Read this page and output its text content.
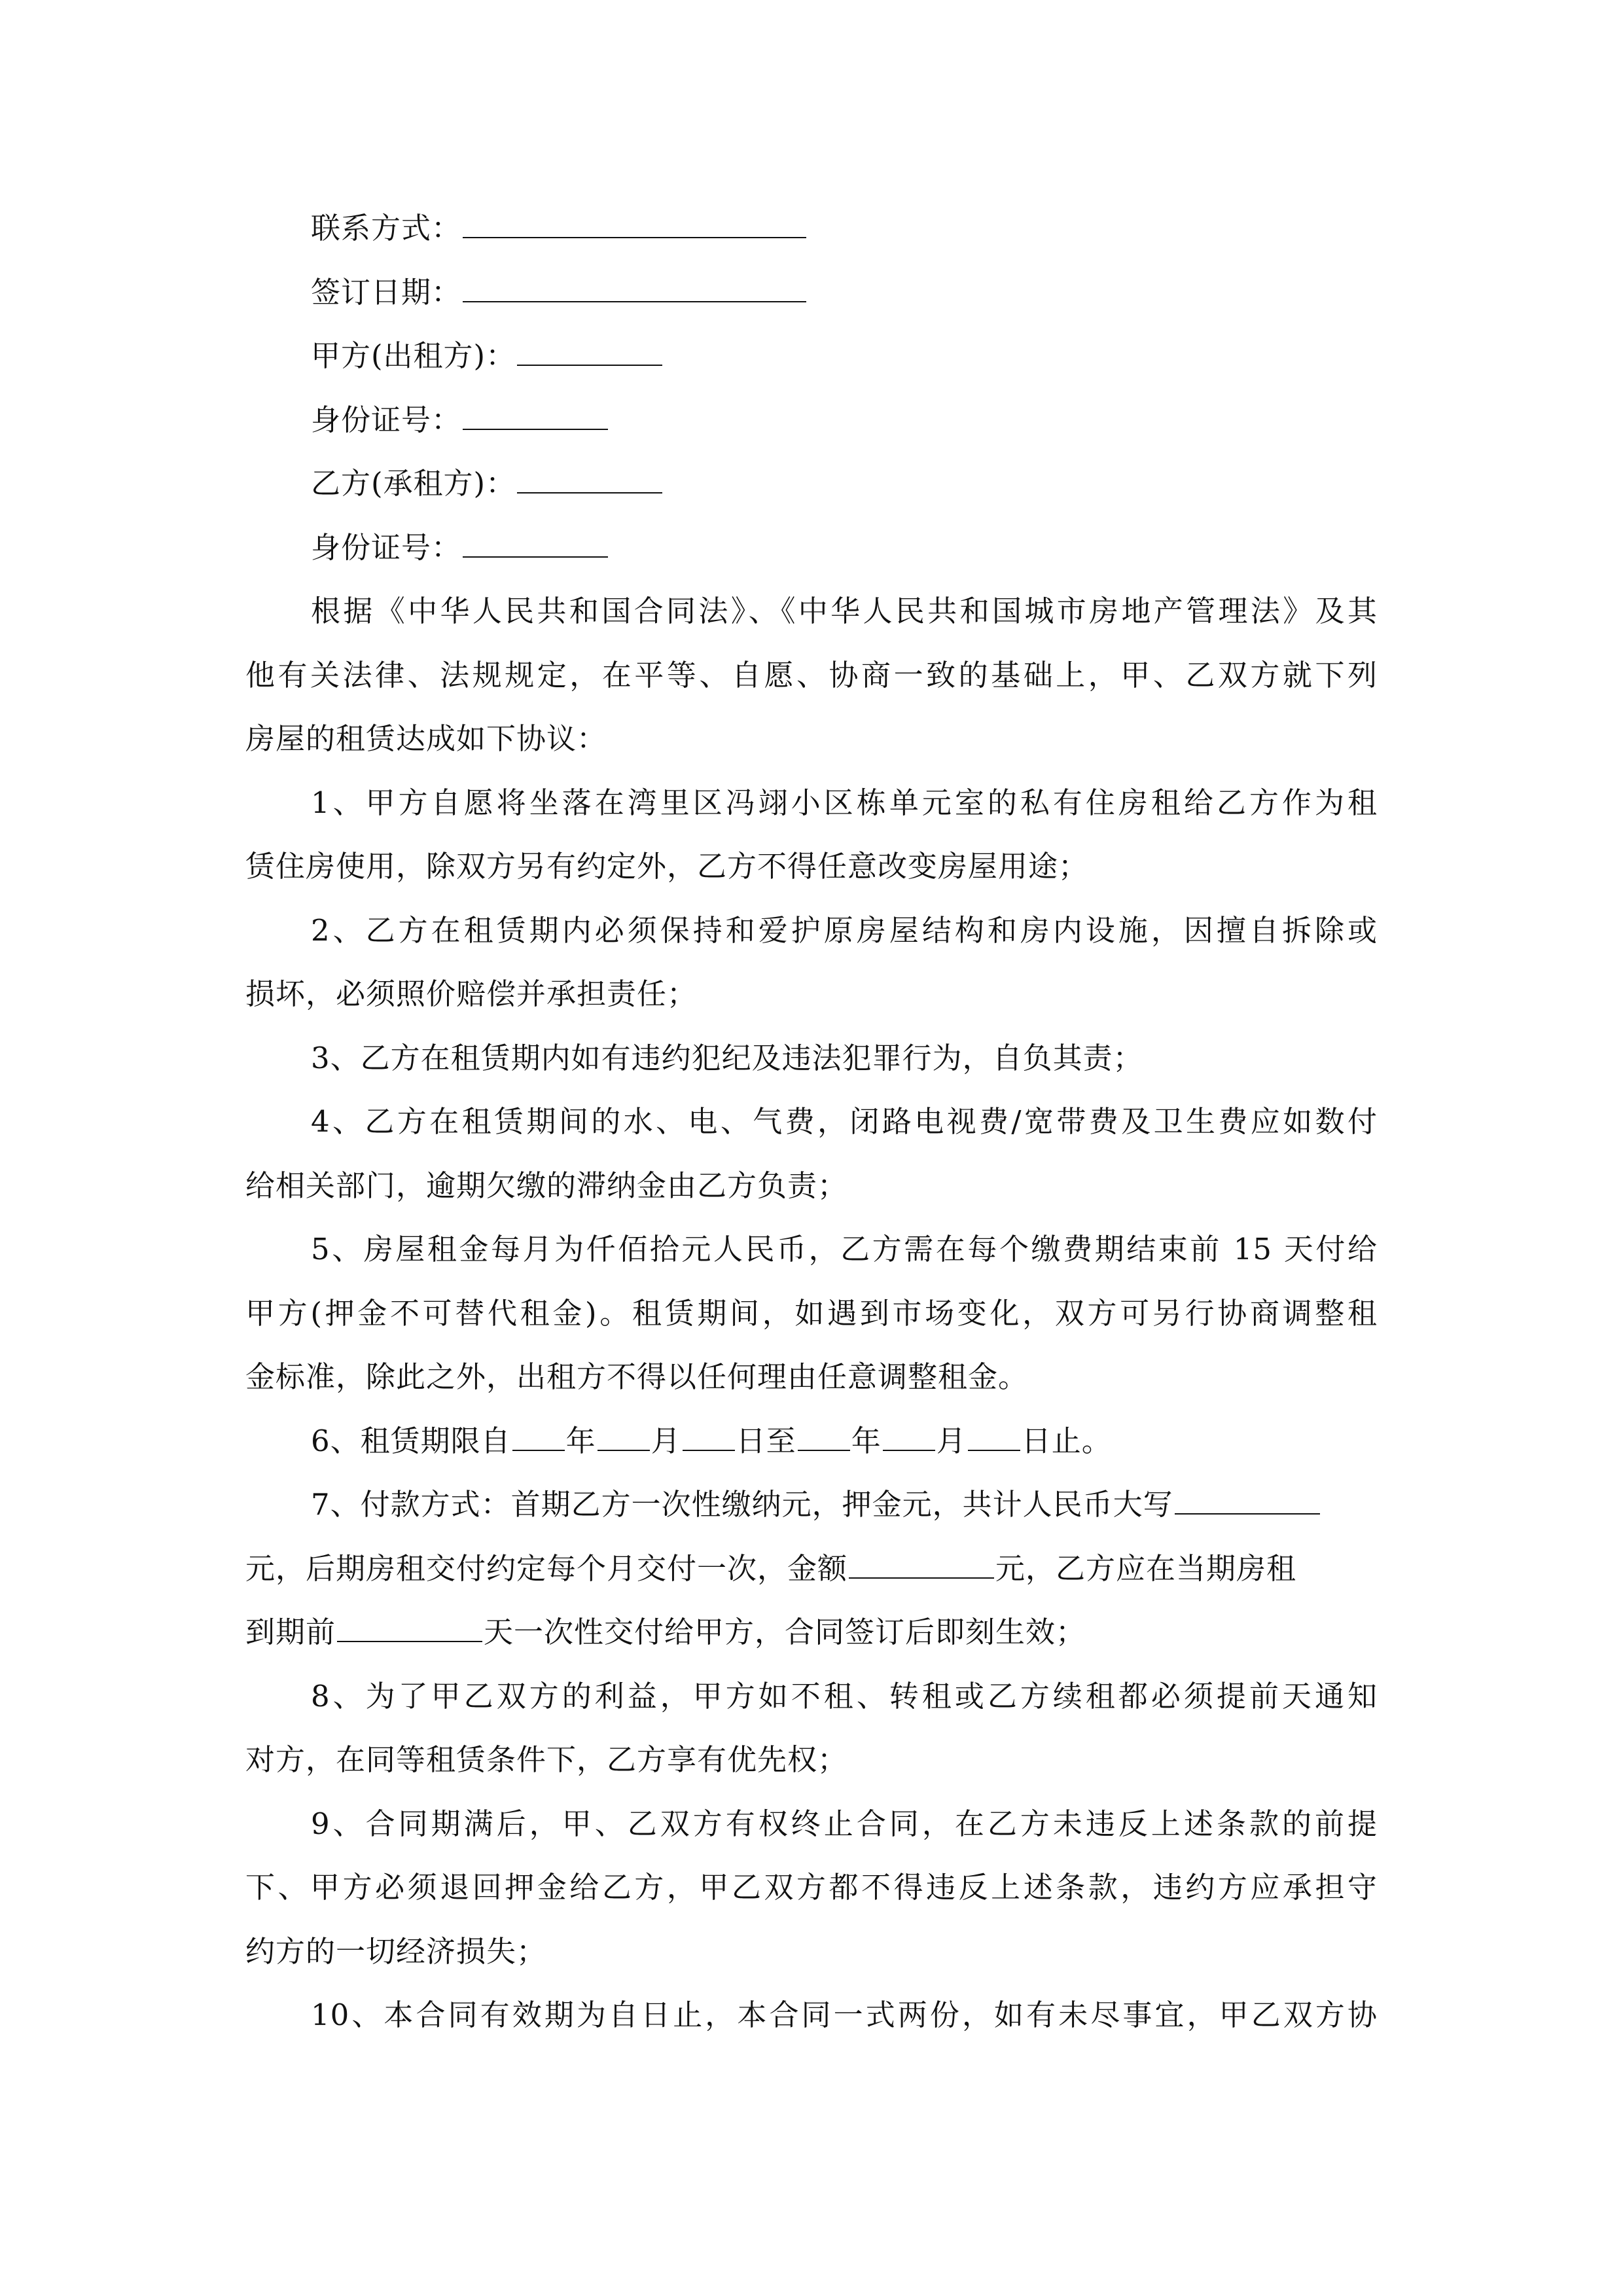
联系方式：
签订日期：
甲方(出租方)：
身份证号：
乙方(承租方)：
身份证号：
根据《中华人民共和国合同法》、《中华人民共和国城市房地产管理法》及其
他有关法律、法规规定，在平等、自愿、协商一致的基础上，甲、乙双方就下列
房屋的租赁达成如下协议：
1、甲方自愿将坐落在湾里区冯翊小区栋单元室的私有住房租给乙方作为租
赁住房使用，除双方另有约定外，乙方不得任意改变房屋用途；
2、乙方在租赁期内必须保持和爱护原房屋结构和房内设施，因擅自拆除或
损坏，必须照价赔偿并承担责任；
3、乙方在租赁期内如有违约犯纪及违法犯罪行为，自负其责；
4、乙方在租赁期间的水、电、气费，闭路电视费/宽带费及卫生费应如数付
给相关部门，逾期欠缴的滞纳金由乙方负责；
5、房屋租金每月为仟佰拾元人民币，乙方需在每个缴费期结束前 15 天付给
甲方(押金不可替代租金)。租赁期间，如遇到市场变化，双方可另行协商调整租
金标准，除此之外，出租方不得以任何理由任意调整租金。
6、租赁期限自 年 月 日至 年 月 日止。
7、付款方式：首期乙方一次性缴纳元，押金元，共计人民币大写
元，后期房租交付约定每个月交付一次，金额	元，乙方应在当期房租
到期前	天一次性交付给甲方，合同签订后即刻生效；
8、为了甲乙双方的利益，甲方如不租、转租或乙方续租都必须提前天通知
对方，在同等租赁条件下，乙方享有优先权；
9、合同期满后，甲、乙双方有权终止合同，在乙方未违反上述条款的前提
下、甲方必须退回押金给乙方，甲乙双方都不得违反上述条款，违约方应承担守
约方的一切经济损失；
10、本合同有效期为自日止，本合同一式两份，如有未尽事宜，甲乙双方协
